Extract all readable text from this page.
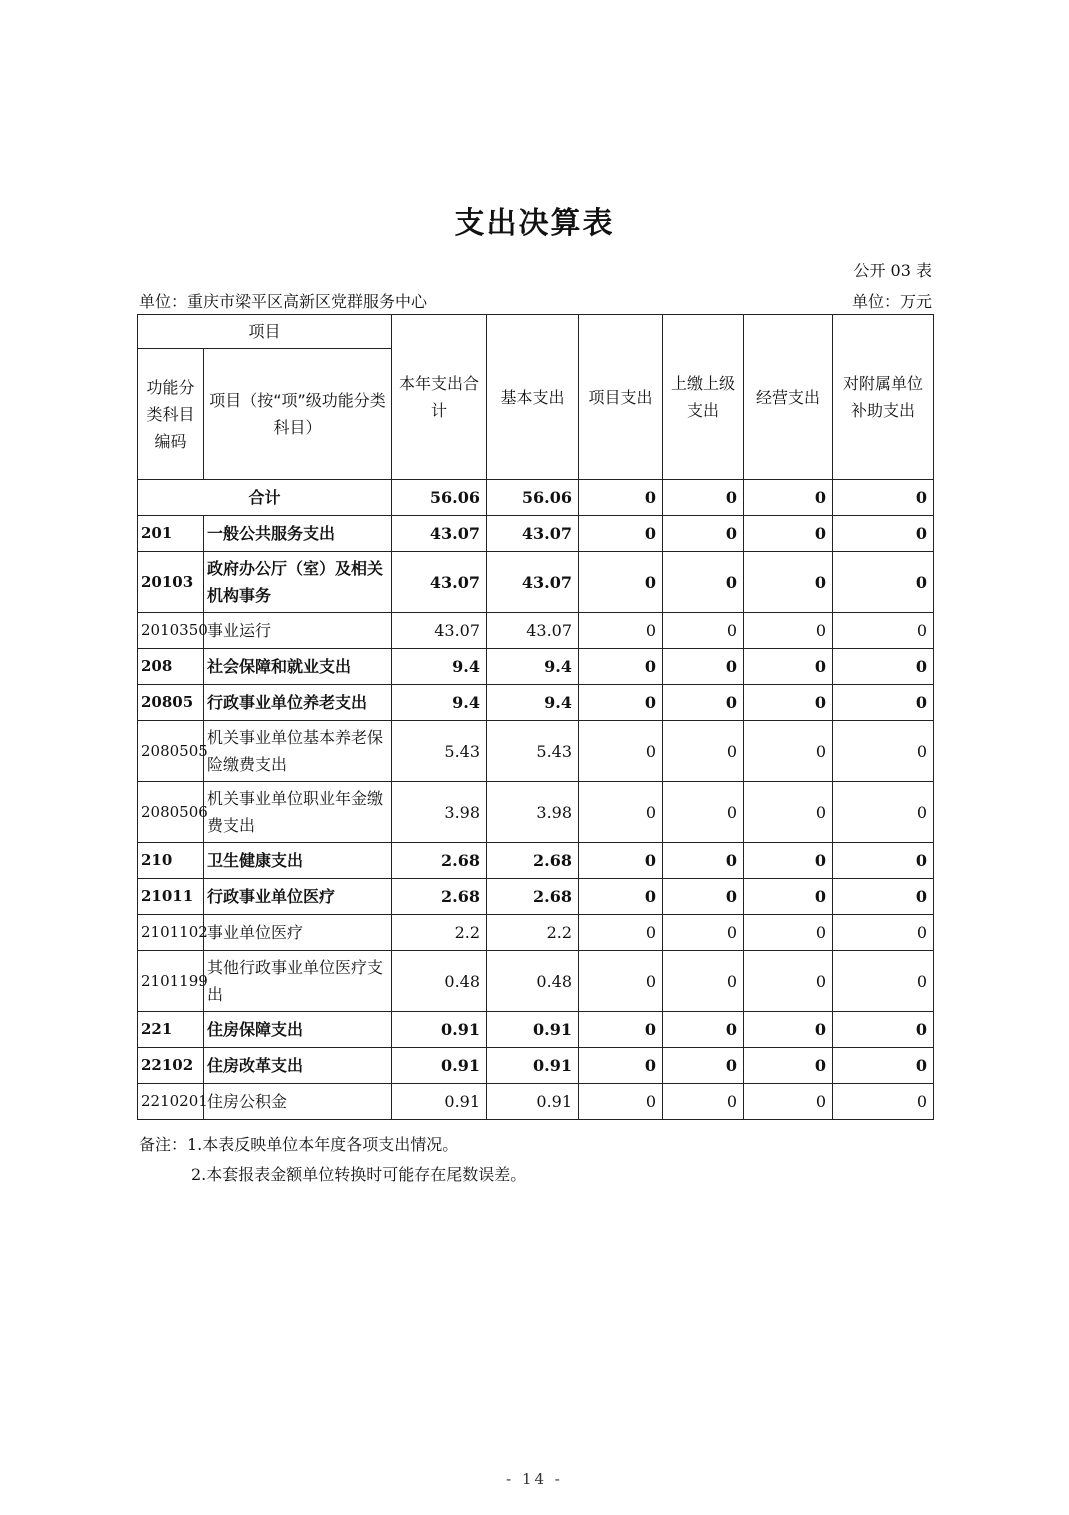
支出决算表
公开 03 表
单位：重庆市梁平区高新区党群服务中心	单位：万元
项目		本年支出合计	基本支出	项目支出	上缴上级支出	经营支出	对附属单位补助支出
功能分类科目编码	项目（按“项”级功能分类科目）						
合计		56.06	56.06	0	0	0	0
201	一般公共服务支出	43.07	43.07	0	0	0	0
20103	政府办公厅（室）及相关机构事务	43.07	43.07	0	0	0	0
2010350	事业运行	43.07	43.07	0	0	0	0
208	社会保障和就业支出	9.4	9.4	0	0	0	0
20805	行政事业单位养老支出	9.4	9.4	0	0	0	0
2080505	机关事业单位基本养老保险缴费支出	5.43	5.43	0	0	0	0
2080506	机关事业单位职业年金缴费支出	3.98	3.98	0	0	0	0
210	卫生健康支出	2.68	2.68	0	0	0	0
21011	行政事业单位医疗	2.68	2.68	0	0	0	0
2101102	事业单位医疗	2.2	2.2	0	0	0	0
2101199	其他行政事业单位医疗支出	0.48	0.48	0	0	0	0
221	住房保障支出	0.91	0.91	0	0	0	0
22102	住房改革支出	0.91	0.91	0	0	0	0
2210201	住房公积金	0.91	0.91	0	0	0	0
备注：1.本表反映单位本年度各项支出情况。
2.本套报表金额单位转换时可能存在尾数误差。
- 14 -
